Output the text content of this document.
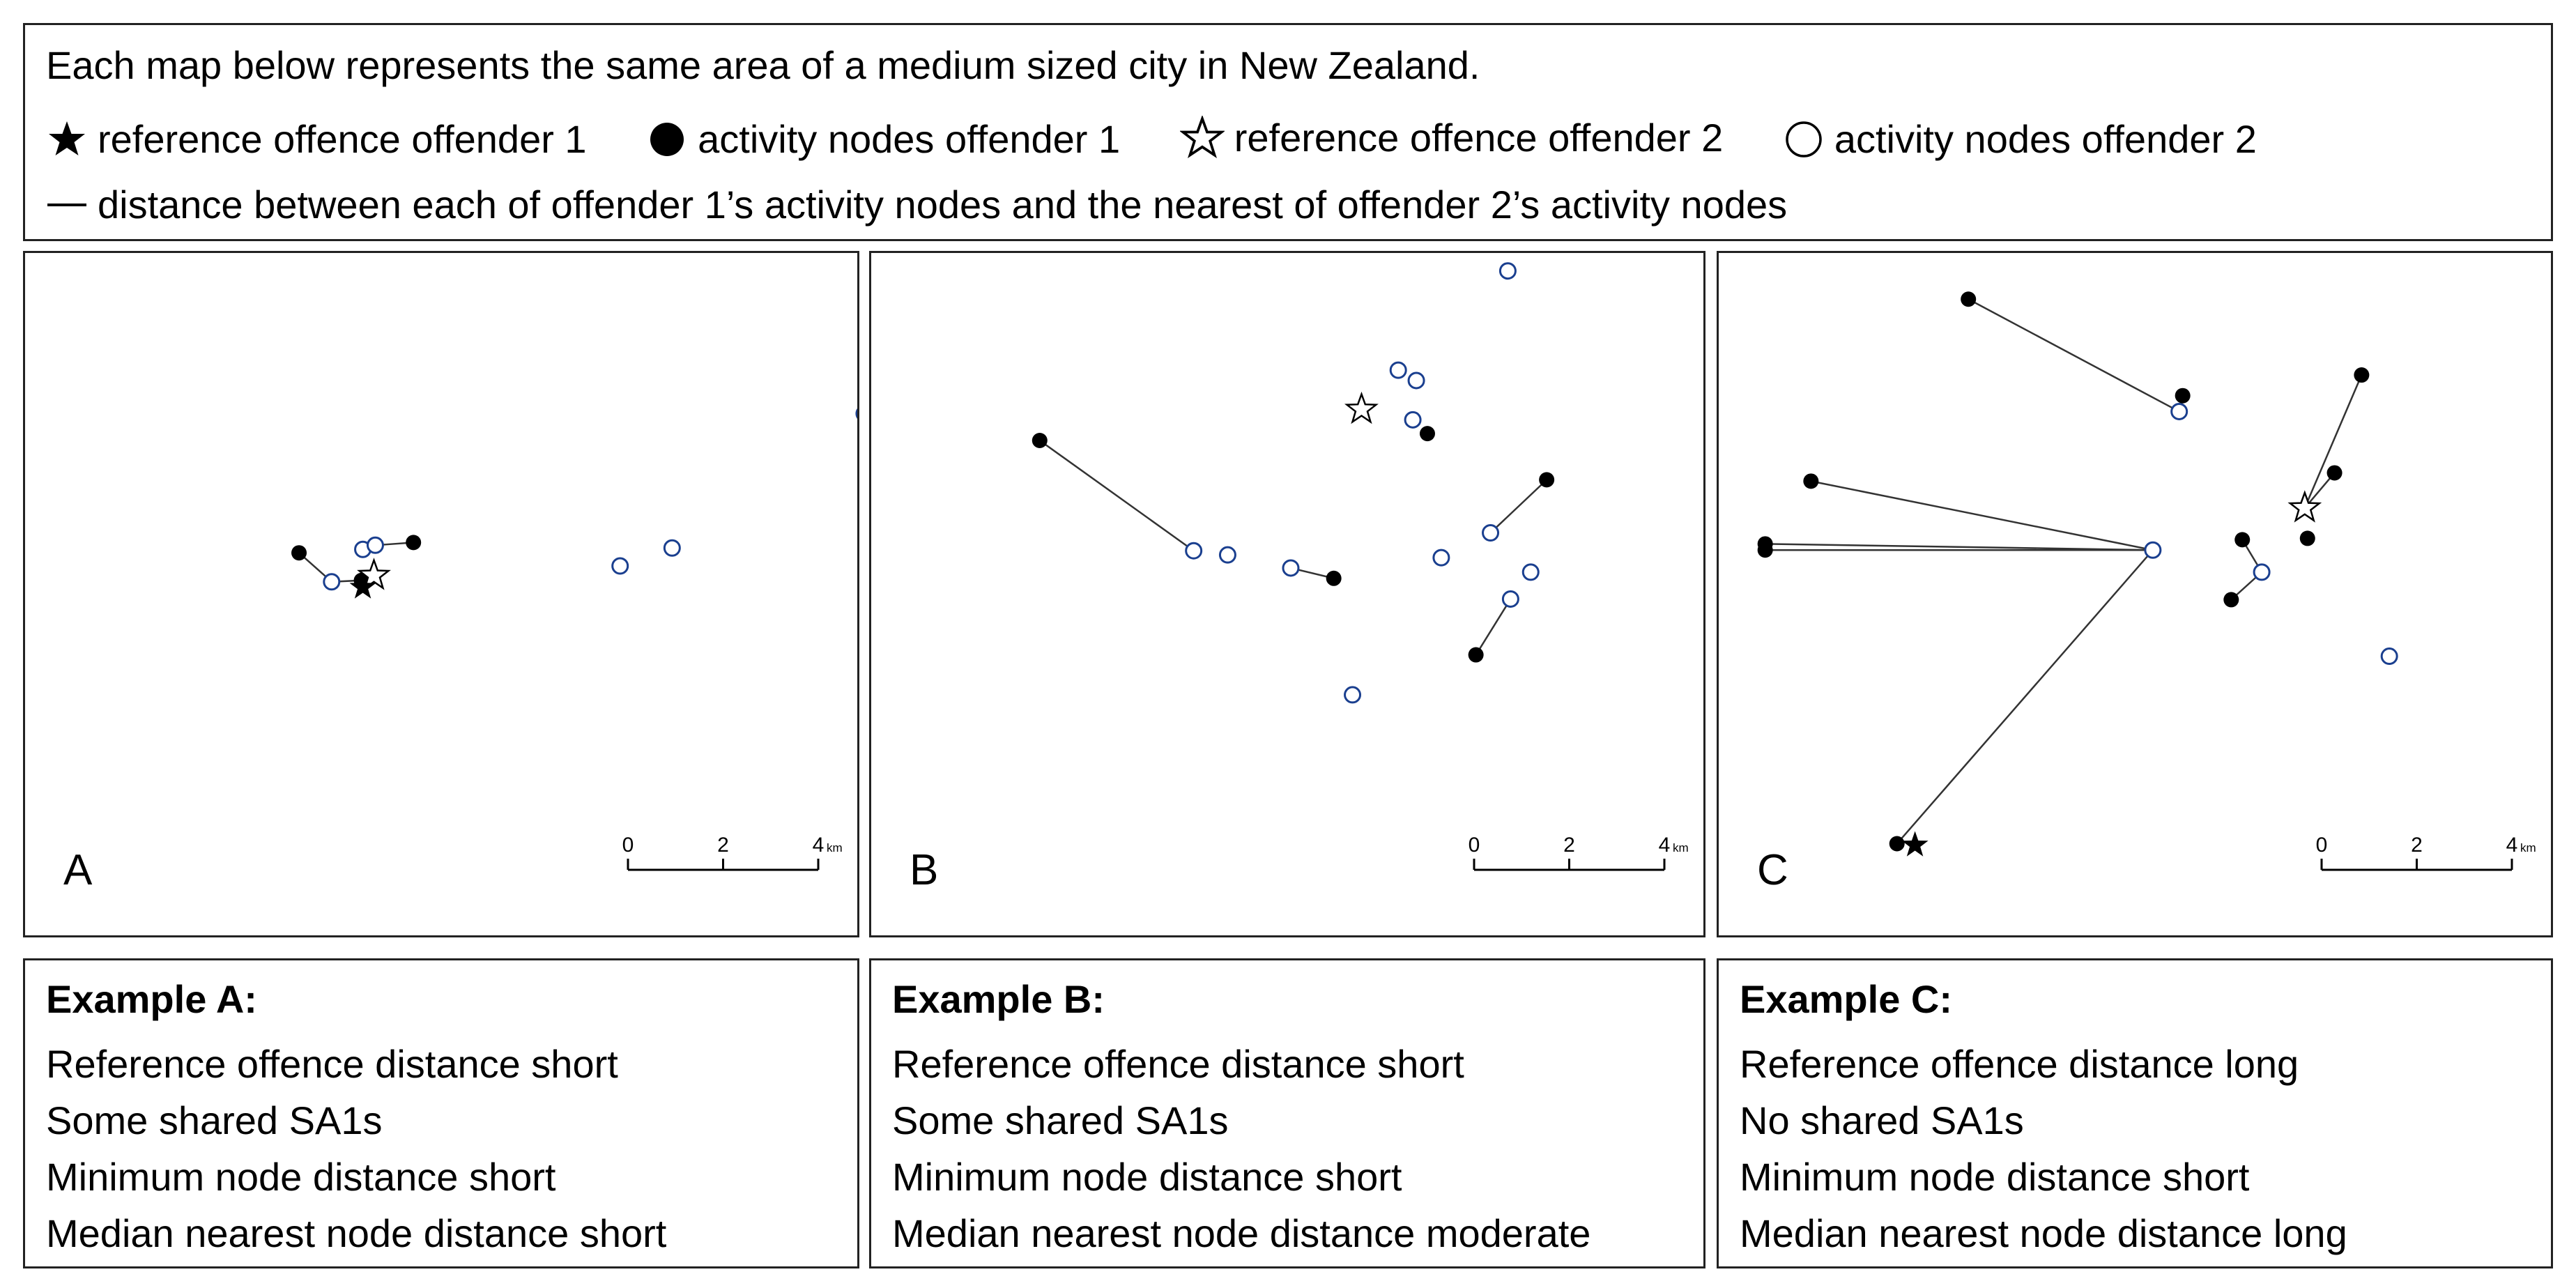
Each map below represents the same area of a medium sized city in New Zealand.
reference offence offender 1
	activity nodes offender 1
	reference offence offender 2
	activity nodes offender 2
distance between each of offender 1’s activity nodes and the nearest of offender 2’s activity nodes
0	2	4 km
A
0	2	4 km
B
0	2	4 km
C
Example A:
Reference offence distance short
Some shared SA1s
Minimum node distance short
Median nearest node distance short
Example B:
Reference offence distance short
Some shared SA1s
Minimum node distance short
Median nearest node distance moderate
Example C:
Reference offence distance long
No shared SA1s
Minimum node distance short
Median nearest node distance long
